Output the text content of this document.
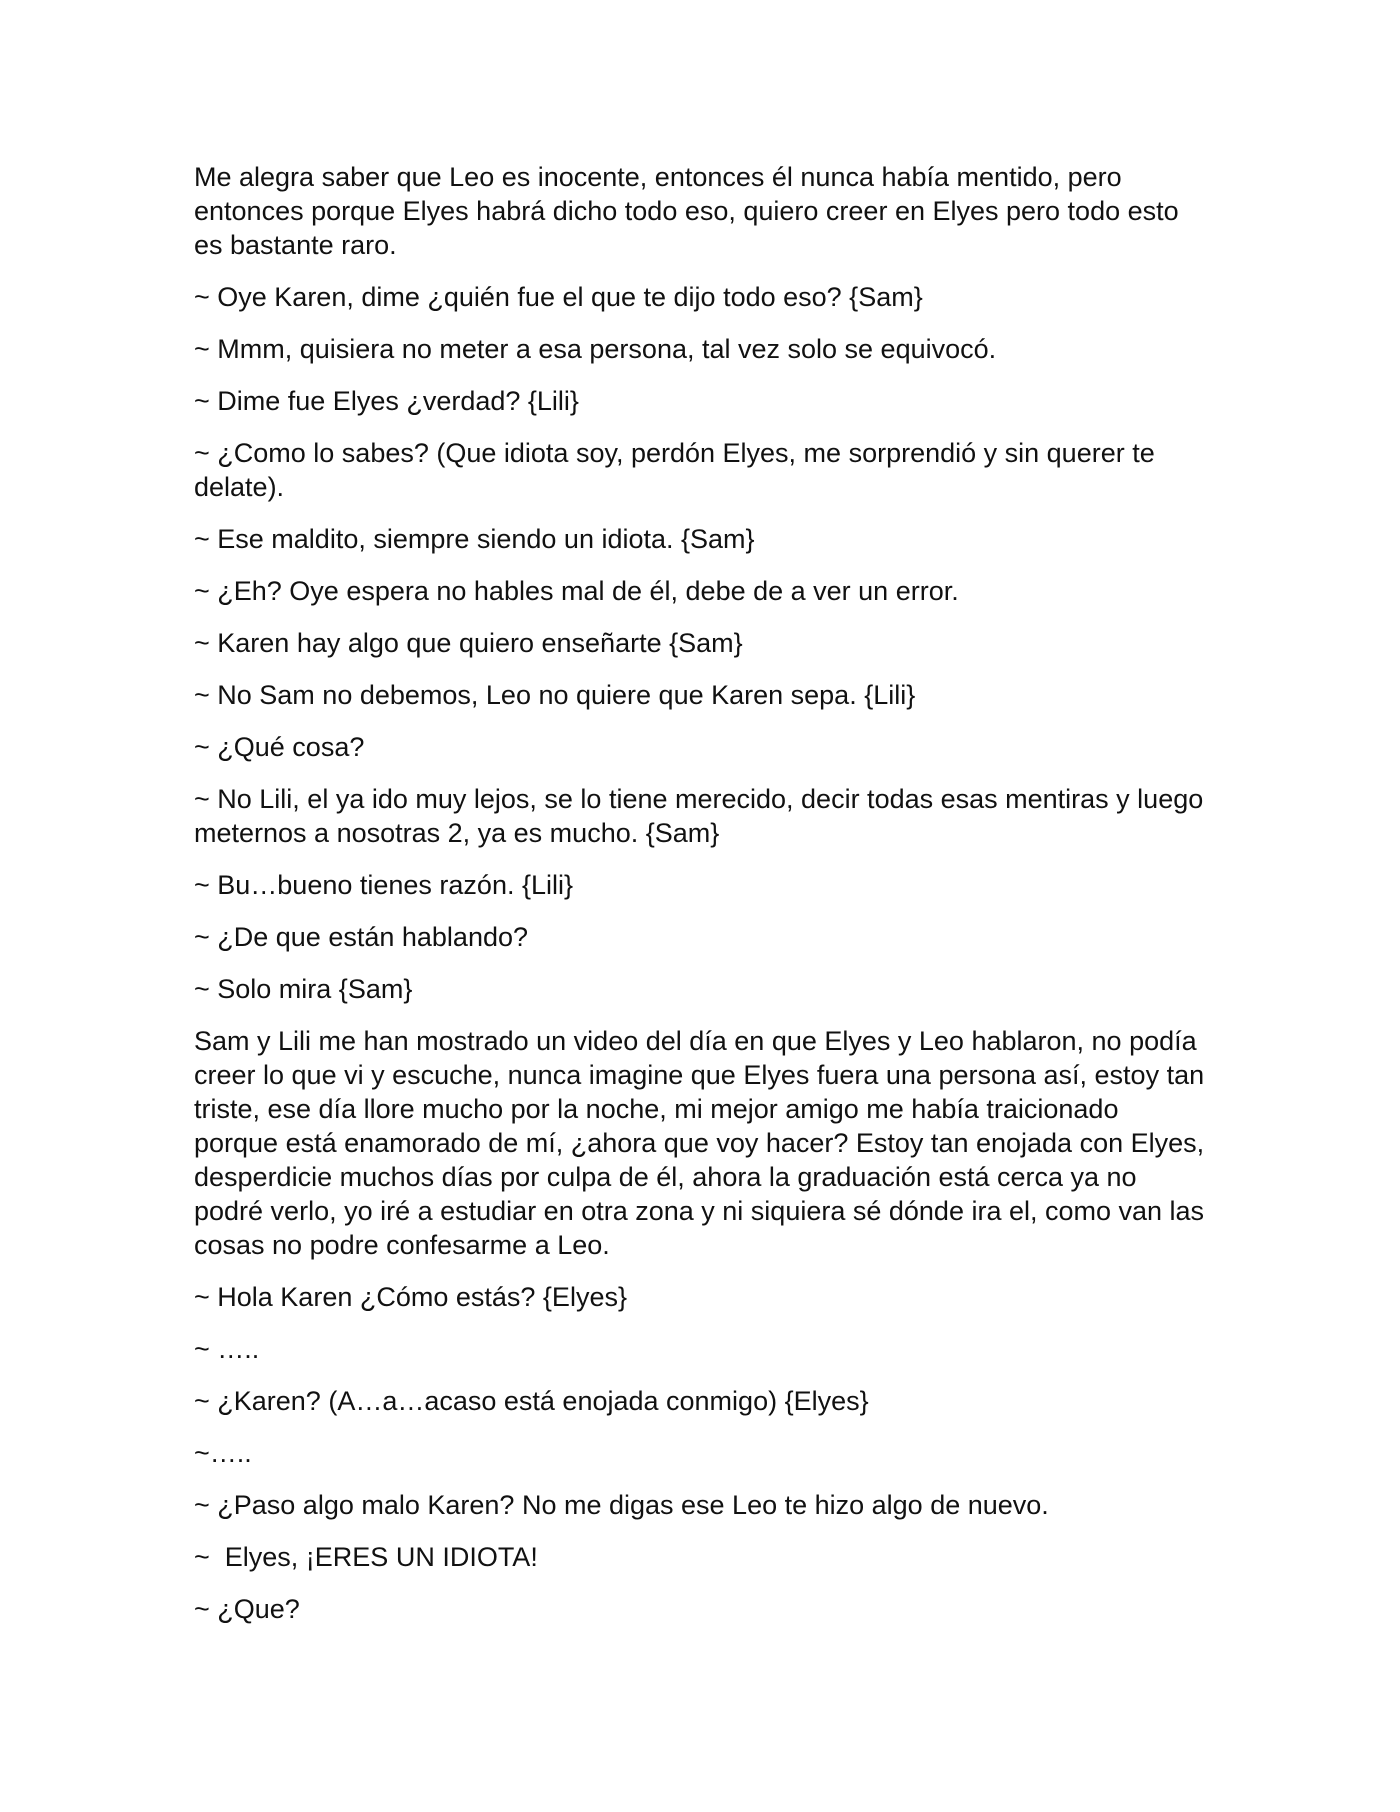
Me alegra saber que Leo es inocente, entonces él nunca había mentido, pero entonces porque Elyes habrá dicho todo eso, quiero creer en Elyes pero todo esto es bastante raro.

~ Oye Karen, dime ¿quién fue el que te dijo todo eso? {Sam}

~ Mmm, quisiera no meter a esa persona, tal vez solo se equivocó.

~ Dime fue Elyes ¿verdad? {Lili}

~ ¿Como lo sabes? (Que idiota soy, perdón Elyes, me sorprendió y sin querer te delate).

~ Ese maldito, siempre siendo un idiota. {Sam}

~ ¿Eh? Oye espera no hables mal de él, debe de a ver un error.

~ Karen hay algo que quiero enseñarte {Sam}

~ No Sam no debemos, Leo no quiere que Karen sepa. {Lili}

~ ¿Qué cosa?

~ No Lili, el ya ido muy lejos, se lo tiene merecido, decir todas esas mentiras y luego meternos a nosotras 2, ya es mucho. {Sam}

~ Bu…bueno tienes razón. {Lili}

~ ¿De que están hablando?

~ Solo mira {Sam}

Sam y Lili me han mostrado un video del día en que Elyes y Leo hablaron, no podía creer lo que vi y escuche, nunca imagine que Elyes fuera una persona así, estoy tan triste, ese día llore mucho por la noche, mi mejor amigo me había traicionado porque está enamorado de mí, ¿ahora que voy hacer? Estoy tan enojada con Elyes, desperdicie muchos días por culpa de él, ahora la graduación está cerca ya no podré verlo, yo iré a estudiar en otra zona y ni siquiera sé dónde ira el, como van las cosas no podre confesarme a Leo.

~ Hola Karen ¿Cómo estás? {Elyes}

~ …..

~ ¿Karen? (A…a…acaso está enojada conmigo) {Elyes}

~…..

~ ¿Paso algo malo Karen? No me digas ese Leo te hizo algo de nuevo.

~  Elyes, ¡ERES UN IDIOTA!

~ ¿Que?
